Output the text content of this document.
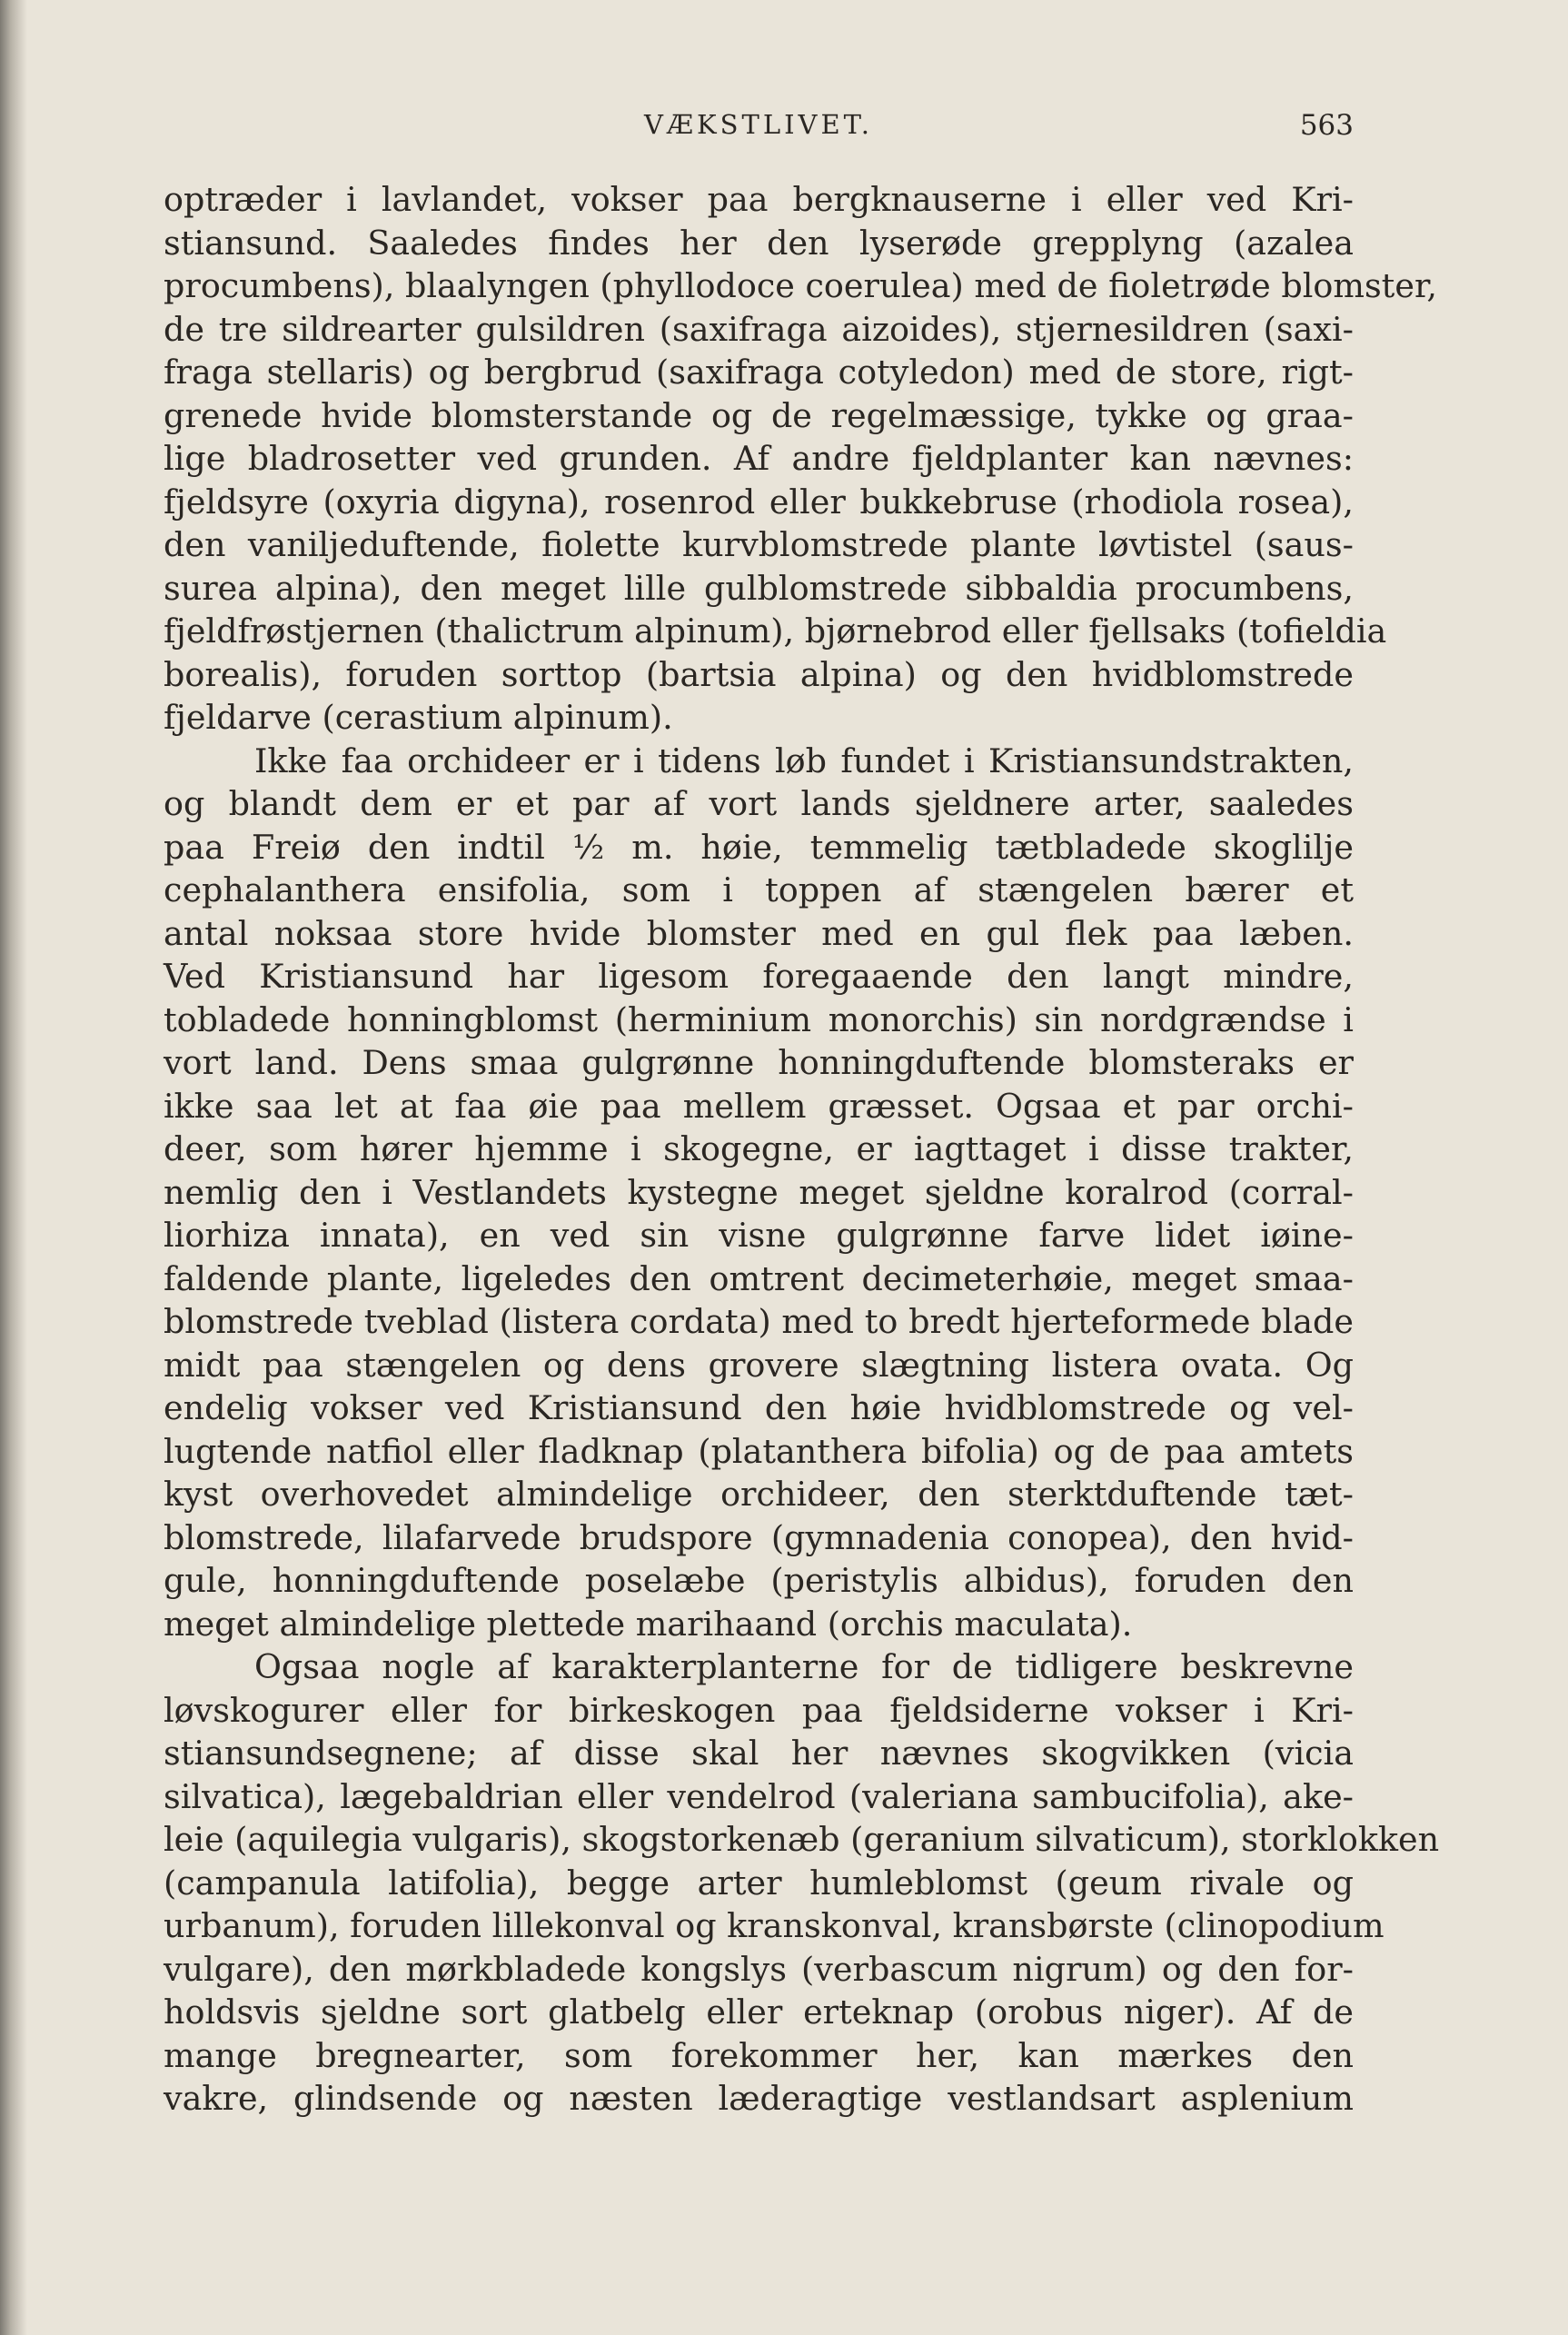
VÆKSTLIVET.	563
optræder i lavlandet, vokser paa bergknauserne i eller ved Kri-
stiansund. Saaledes findes her den lyserøde grepplyng (azalea
procumbens), blaalyngen (phyllodoce coerulea) med de fioletrøde blomster,
de tre sildrearter gulsildren (saxifraga aizoides), stjernesildren (saxi-
fraga stellaris) og bergbrud (saxifraga cotyledon) med de store, rigt-
grenede hvide blomsterstande og de regelmæssige, tykke og graa-
lige bladrosetter ved grunden. Af andre fjeldplanter kan nævnes:
fjeldsyre (oxyria digyna), rosenrod eller bukkebruse (rhodiola rosea),
den vaniljeduftende, fiolette kurvblomstrede plante løvtistel (saus-
surea alpina), den meget lille gulblomstrede sibbaldia procumbens,
fjeldfrøstjernen (thalictrum alpinum), bjørnebrod eller fjellsaks (tofieldia
borealis), foruden sorttop (bartsia alpina) og den hvidblomstrede
fjeldarve (cerastium alpinum).
Ikke faa orchideer er i tidens løb fundet i Kristiansundstrakten,
og blandt dem er et par af vort lands sjeldnere arter, saaledes
paa Freiø den indtil ½ m. høie, temmelig tætbladede skoglilje
cephalanthera ensifolia, som i toppen af stængelen bærer et
antal noksaa store hvide blomster med en gul flek paa læben.
Ved Kristiansund har ligesom foregaaende den langt mindre,
tobladede honningblomst (herminium monorchis) sin nordgrændse i
vort land. Dens smaa gulgrønne honningduftende blomsteraks er
ikke saa let at faa øie paa mellem græsset. Ogsaa et par orchi-
deer, som hører hjemme i skogegne, er iagttaget i disse trakter,
nemlig den i Vestlandets kystegne meget sjeldne koralrod (corral-
liorhiza innata), en ved sin visne gulgrønne farve lidet iøine-
faldende plante, ligeledes den omtrent decimeterhøie, meget smaa-
blomstrede tveblad (listera cordata) med to bredt hjerteformede blade
midt paa stængelen og dens grovere slægtning listera ovata. Og
endelig vokser ved Kristiansund den høie hvidblomstrede og vel-
lugtende natfiol eller fladknap (platanthera bifolia) og de paa amtets
kyst overhovedet almindelige orchideer, den sterktduftende tæt-
blomstrede, lilafarvede brudspore (gymnadenia conopea), den hvid-
gule, honningduftende poselæbe (peristylis albidus), foruden den
meget almindelige plettede marihaand (orchis maculata).
Ogsaa nogle af karakterplanterne for de tidligere beskrevne
løvskogurer eller for birkeskogen paa fjeldsiderne vokser i Kri-
stiansundsegnene; af disse skal her nævnes skogvikken (vicia
silvatica), lægebaldrian eller vendelrod (valeriana sambucifolia), ake-
leie (aquilegia vulgaris), skogstorkenæb (geranium silvaticum), storklokken
(campanula latifolia), begge arter humleblomst (geum rivale og
urbanum), foruden lillekonval og kranskonval, kransbørste (clinopodium
vulgare), den mørkbladede kongslys (verbascum nigrum) og den for-
holdsvis sjeldne sort glatbelg eller erteknap (orobus niger). Af de
mange bregnearter, som forekommer her, kan mærkes den
vakre, glindsende og næsten læderagtige vestlandsart asplenium
